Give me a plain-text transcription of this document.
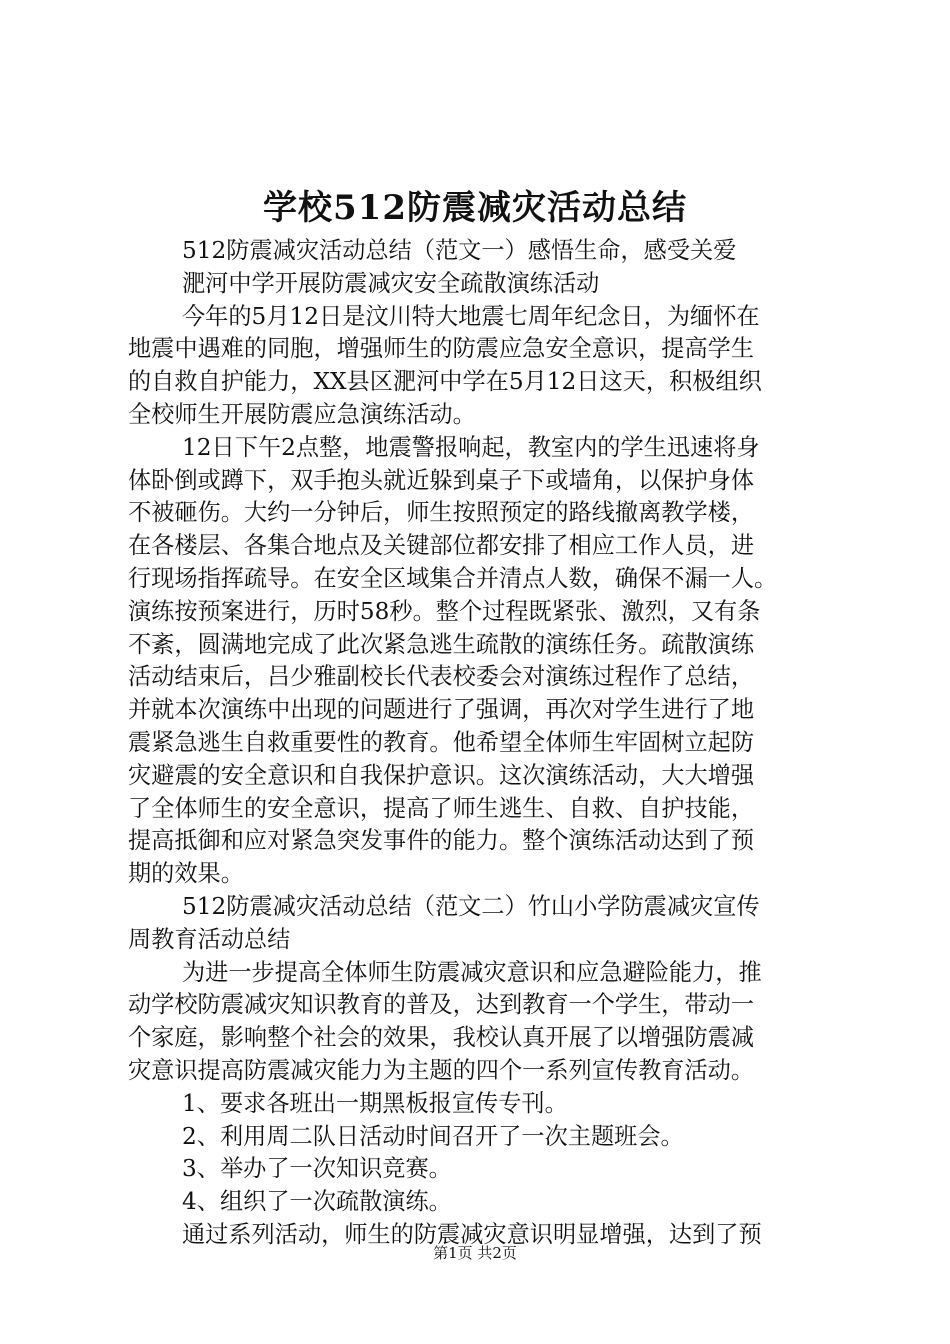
学校512防震减灾活动总结
512防震减灾活动总结（范文一）感悟生命，感受关爱
淝河中学开展防震减灾安全疏散演练活动
今年的5月12日是汶川特大地震七周年纪念日，为缅怀在
地震中遇难的同胞，增强师生的防震应急安全意识，提高学生
的自救自护能力，XX县区淝河中学在5月12日这天，积极组织
全校师生开展防震应急演练活动。
12日下午2点整，地震警报响起，教室内的学生迅速将身
体卧倒或蹲下，双手抱头就近躲到桌子下或墙角，以保护身体
不被砸伤。大约一分钟后，师生按照预定的路线撤离教学楼，
在各楼层、各集合地点及关键部位都安排了相应工作人员，进
行现场指挥疏导。在安全区域集合并清点人数，确保不漏一人。
演练按预案进行，历时58秒。整个过程既紧张、激烈，又有条
不紊，圆满地完成了此次紧急逃生疏散的演练任务。疏散演练
活动结束后，吕少雅副校长代表校委会对演练过程作了总结，
并就本次演练中出现的问题进行了强调，再次对学生进行了地
震紧急逃生自救重要性的教育。他希望全体师生牢固树立起防
灾避震的安全意识和自我保护意识。这次演练活动，大大增强
了全体师生的安全意识，提高了师生逃生、自救、自护技能，
提高抵御和应对紧急突发事件的能力。整个演练活动达到了预
期的效果。
512防震减灾活动总结（范文二）竹山小学防震减灾宣传
周教育活动总结
为进一步提高全体师生防震减灾意识和应急避险能力，推
动学校防震减灾知识教育的普及，达到教育一个学生，带动一
个家庭，影响整个社会的效果，我校认真开展了以增强防震减
灾意识提高防震减灾能力为主题的四个一系列宣传教育活动。
1、要求各班出一期黑板报宣传专刊。
2、利用周二队日活动时间召开了一次主题班会。
3、举办了一次知识竞赛。
4、组织了一次疏散演练。
通过系列活动，师生的防震减灾意识明显增强，达到了预
第1页 共2页
